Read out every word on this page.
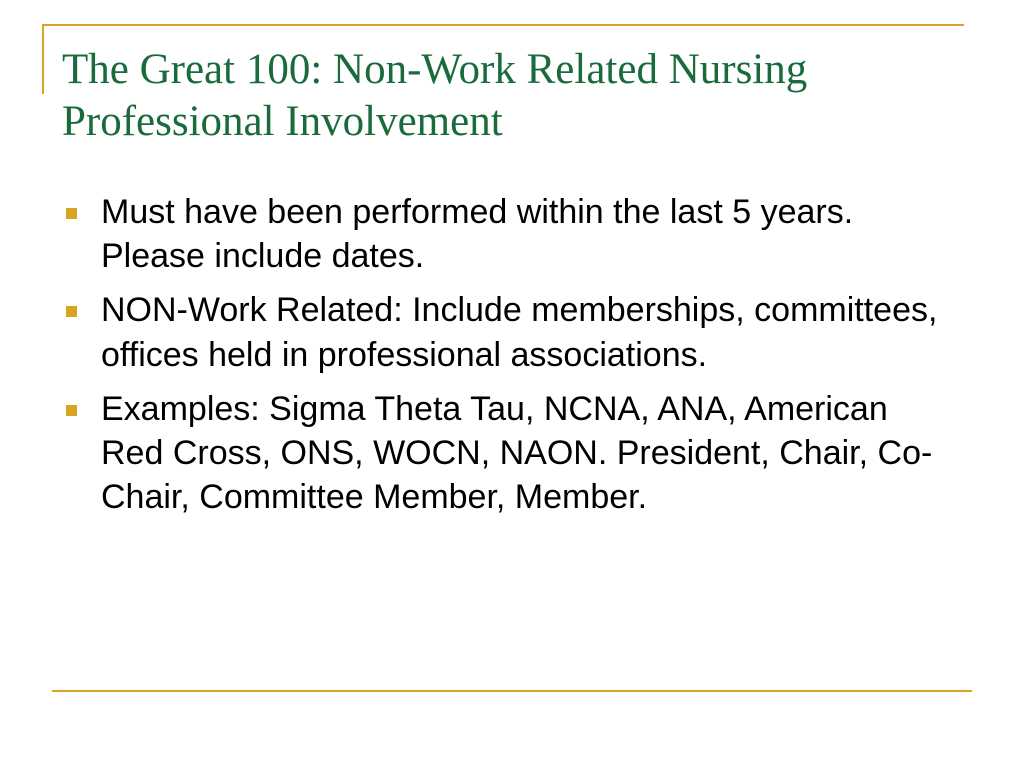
The Great 100: Non-Work Related Nursing Professional Involvement
Must have been performed within the last 5 years. Please include dates.
NON-Work Related: Include memberships, committees, offices held in professional associations.
Examples: Sigma Theta Tau, NCNA, ANA, American Red Cross, ONS, WOCN, NAON. President, Chair, Co-Chair, Committee Member, Member.
